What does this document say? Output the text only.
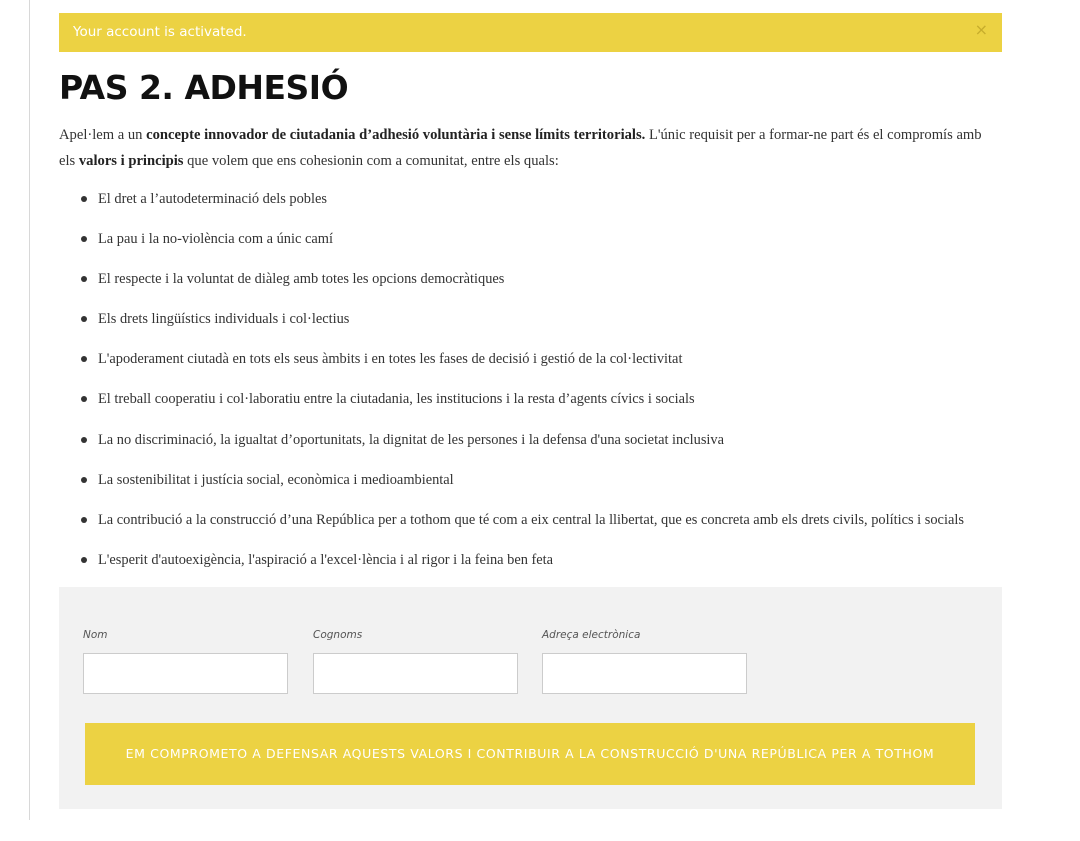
Your account is activated.	×
PAS 2. ADHESIÓ

Apel·lem a un concepte innovador de ciutadania d’adhesió voluntària i sense límits territorials. L'únic requisit per a formar-ne part és el compromís amb els valors i principis que volem que ens cohesionin com a comunitat, entre els quals:

El dret a l’autodeterminació dels pobles
La pau i la no-violència com a únic camí
El respecte i la voluntat de diàleg amb totes les opcions democràtiques
Els drets lingüístics individuals i col·lectius
L'apoderament ciutadà en tots els seus àmbits i en totes les fases de decisió i gestió de la col·lectivitat
El treball cooperatiu i col·laboratiu entre la ciutadania, les institucions i la resta d’agents cívics i socials
La no discriminació, la igualtat d’oportunitats, la dignitat de les persones i la defensa d'una societat inclusiva
La sostenibilitat i justícia social, econòmica i medioambiental
La contribució a la construcció d’una República per a tothom que té com a eix central la llibertat, que es concreta amb els drets civils, polítics i socials
L'esperit d'autoexigència, l'aspiració a l'excel·lència i al rigor i la feina ben feta
Nom	Cognoms	Adreça electrònica
EM COMPROMETO A DEFENSAR AQUESTS VALORS I CONTRIBUIR A LA CONSTRUCCIÓ D'UNA REPÚBLICA PER A TOTHOM
